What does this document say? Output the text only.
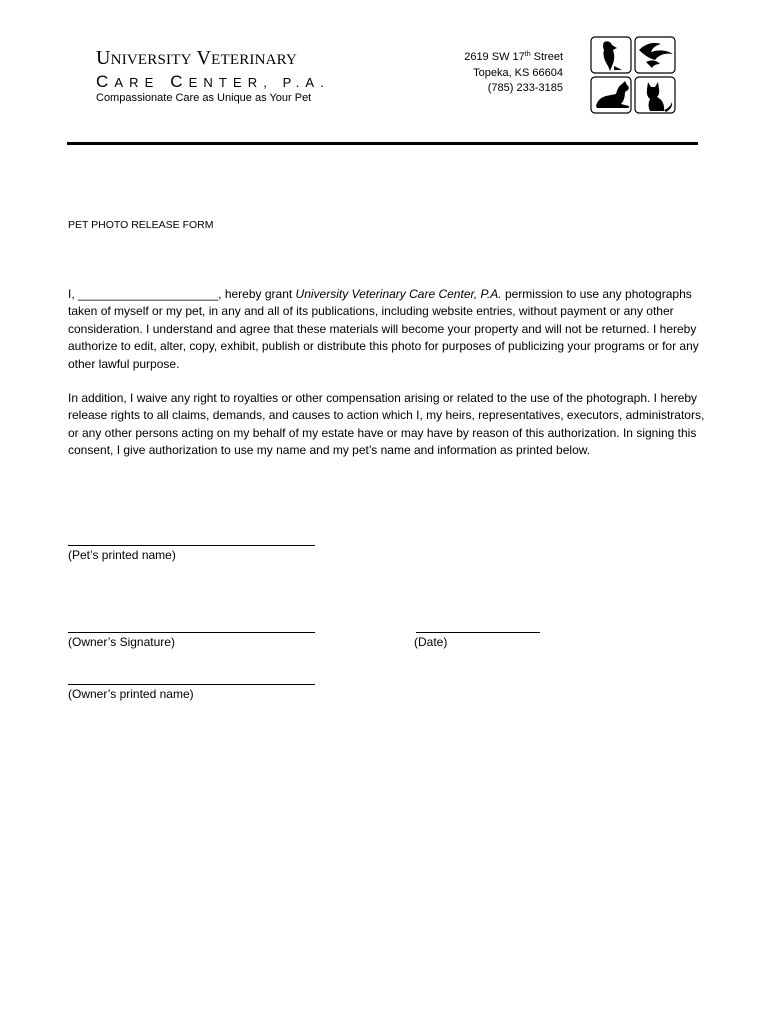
UNIVERSITY VETERINARY
CARE CENTER, P.A.
Compassionate Care as Unique as Your Pet
2619 SW 17th Street
Topeka, KS 66604
(785) 233-3185
PET PHOTO RELEASE FORM

I, _____________________, hereby grant University Veterinary Care Center, P.A. permission to use any photographs taken of myself or my pet, in any and all of its publications, including website entries, without payment or any other consideration. I understand and agree that these materials will become your property and will not be returned. I hereby authorize to edit, alter, copy, exhibit, publish or distribute this photo for purposes of publicizing your programs or for any other lawful purpose.

In addition, I waive any right to royalties or other compensation arising or related to the use of the photograph. I hereby release rights to all claims, demands, and causes to action which I, my heirs, representatives, executors, administrators, or any other persons acting on my behalf of my estate have or may have by reason of this authorization. In signing this consent, I give authorization to use my name and my pet’s name and information as printed below.

(Pet’s printed name)
(Owner’s Signature)	(Date)
(Owner’s printed name)
